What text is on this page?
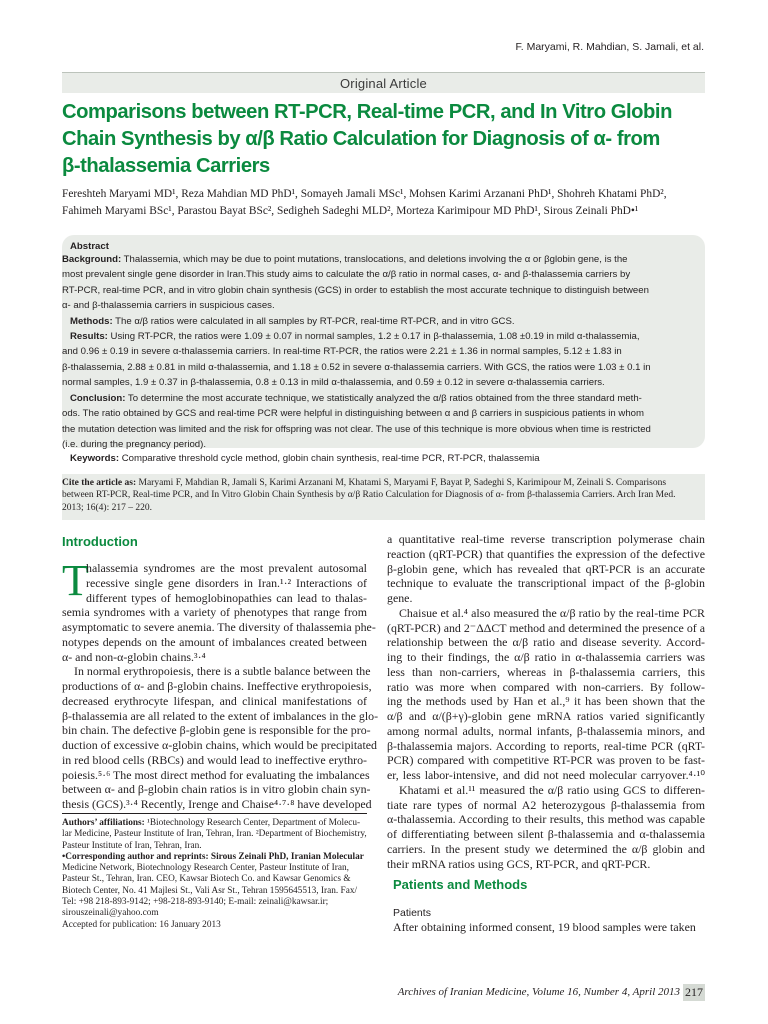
F. Maryami, R. Mahdian, S. Jamali, et al.
Original Article
Comparisons between RT-PCR, Real-time PCR, and In Vitro Globin
Chain Synthesis by α/β Ratio Calculation for Diagnosis of α- from
β-thalassemia Carriers
Fereshteh Maryami MD¹, Reza Mahdian MD PhD¹, Somayeh Jamali MSc¹, Mohsen Karimi Arzanani PhD¹, Shohreh Khatami PhD²,
Fahimeh Maryami BSc¹, Parastou Bayat BSc², Sedigheh Sadeghi MLD², Morteza Karimipour MD PhD¹, Sirous Zeinali PhD•¹
Abstract
Background: Thalassemia, which may be due to point mutations, translocations, and deletions involving the α or βglobin gene, is the
most prevalent single gene disorder in Iran.This study aims to calculate the α/β ratio in normal cases, α- and β-thalassemia carriers by
RT-PCR, real-time PCR, and in vitro globin chain synthesis (GCS) in order to establish the most accurate technique to distinguish between
α- and β-thalassemia carriers in suspicious cases.
Methods: The α/β ratios were calculated in all samples by RT-PCR, real-time RT-PCR, and in vitro GCS.
Results: Using RT-PCR, the ratios were 1.09 ± 0.07 in normal samples, 1.2 ± 0.17 in β-thalassemia, 1.08 ±0.19 in mild α-thalassemia,
and 0.96 ± 0.19 in severe α-thalassemia carriers. In real-time RT-PCR, the ratios were 2.21 ± 1.36 in normal samples, 5.12 ± 1.83 in
β-thalassemia, 2.88 ± 0.81 in mild α-thalassemia, and 1.18 ± 0.52 in severe α-thalassemia carriers. With GCS, the ratios were 1.03 ± 0.1 in
normal samples, 1.9 ± 0.37 in β-thalassemia, 0.8 ± 0.13 in mild α-thalassemia, and 0.59 ± 0.12 in severe α-thalassemia carriers.
Conclusion: To determine the most accurate technique, we statistically analyzed the α/β ratios obtained from the three standard meth-
ods. The ratio obtained by GCS and real-time PCR were helpful in distinguishing between α and β carriers in suspicious patients in whom
the mutation detection was limited and the risk for offspring was not clear. The use of this technique is more obvious when time is restricted
(i.e. during the pregnancy period).
Keywords: Comparative threshold cycle method, globin chain synthesis, real-time PCR, RT-PCR, thalassemia
Cite the article as: Maryami F, Mahdian R, Jamali S, Karimi Arzanani M, Khatami S, Maryami F, Bayat P, Sadeghi S, Karimipour M, Zeinali S. Comparisons
between RT-PCR, Real-time PCR, and In Vitro Globin Chain Synthesis by α/β Ratio Calculation for Diagnosis of α- from β-thalassemia Carriers. Arch Iran Med.
2013; 16(4): 217 – 220.
Introduction
T
halassemia syndromes are the most prevalent autosomal
recessive single gene disorders in Iran.¹·² Interactions of
different types of hemoglobinopathies can lead to thalas-
semia syndromes with a variety of phenotypes that range from
asymptomatic to severe anemia. The diversity of thalassemia phe-
notypes depends on the amount of imbalances created between
α- and non-α-globin chains.³·⁴
In normal erythropoiesis, there is a subtle balance between the
productions of α- and β-globin chains. Ineffective erythropoiesis,
decreased erythrocyte lifespan, and clinical manifestations of
β-thalassemia are all related to the extent of imbalances in the glo-
bin chain. The defective β-globin gene is responsible for the pro-
duction of excessive α-globin chains, which would be precipitated
in red blood cells (RBCs) and would lead to ineffective erythro-
poiesis.⁵·⁶ The most direct method for evaluating the imbalances
between α- and β-globin chain ratios is in vitro globin chain syn-
thesis (GCS).³·⁴ Recently, Irenge and Chaise⁴·⁷·⁸ have developed
a quantitative real-time reverse transcription polymerase chain
reaction (qRT-PCR) that quantifies the expression of the defective
β-globin gene, which has revealed that qRT-PCR is an accurate
technique to evaluate the transcriptional impact of the β-globin
gene.
Chaisue et al.⁴ also measured the α/β ratio by the real-time PCR
(qRT-PCR) and 2⁻ΔΔCT method and determined the presence of a
relationship between the α/β ratio and disease severity. Accord-
ing to their findings, the α/β ratio in α-thalassemia carriers was
less than non-carriers, whereas in β-thalassemia carriers, this
ratio was more when compared with non-carriers. By follow-
ing the methods used by Han et al.,⁹ it has been shown that the
α/β and α/(β+γ)-globin gene mRNA ratios varied significantly
among normal adults, normal infants, β-thalassemia minors, and
β-thalassemia majors. According to reports, real-time PCR (qRT-
PCR) compared with competitive RT-PCR was proven to be fast-
er, less labor-intensive, and did not need molecular carryover.⁴·¹⁰
Khatami et al.¹¹ measured the α/β ratio using GCS to differen-
tiate rare types of normal A2 heterozygous β-thalassemia from
α-thalassemia. According to their results, this method was capable
of differentiating between silent β-thalassemia and α-thalassemia
carriers. In the present study we determined the α/β globin and
their mRNA ratios using GCS, RT-PCR, and qRT-PCR.
Authors’ affiliations: ¹Biotechnology Research Center, Department of Molecu-
lar Medicine, Pasteur Institute of Iran, Tehran, Iran. ²Department of Biochemistry,
Pasteur Institute of Iran, Tehran, Iran.
•Corresponding author and reprints: Sirous Zeinali PhD, Iranian Molecular
Medicine Network, Biotechnology Research Center, Pasteur Institute of Iran,
Pasteur St., Tehran, Iran. CEO, Kawsar Biotech Co. and Kawsar Genomics &
Biotech Center, No. 41 Majlesi St., Vali Asr St., Tehran 1595645513, Iran. Fax/
Tel: +98 218-893-9142; +98-218-893-9140; E-mail: zeinali@kawsar.ir;
sirouszeinali@yahoo.com
Accepted for publication: 16 January 2013
Patients and Methods
Patients
After obtaining informed consent, 19 blood samples were taken
Archives of Iranian Medicine, Volume 16, Number 4, April 2013 217
